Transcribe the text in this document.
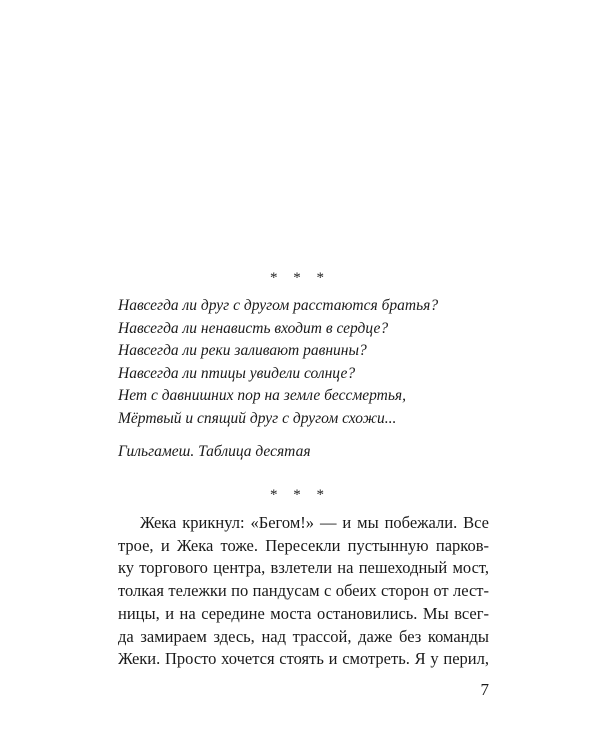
* * *
Навсегда ли друг с другом расстаются братья?
Навсегда ли ненависть входит в сердце?
Навсегда ли реки заливают равнины?
Навсегда ли птицы увидели солнце?
Нет с давнишних пор на земле бессмертья,
Мёртвый и спящий друг с другом схожи...
Гильгамеш. Таблица десятая
* * *
Жека крикнул: «Бегом!» — и мы побежали. Все
трое, и Жека тоже. Пересекли пустынную парков-
ку торгового центра, взлетели на пешеходный мост,
толкая тележки по пандусам с обеих сторон от лест-
ницы, и на середине моста остановились. Мы всег-
да замираем здесь, над трассой, даже без команды
Жеки. Просто хочется стоять и смотреть. Я у перил,
7
